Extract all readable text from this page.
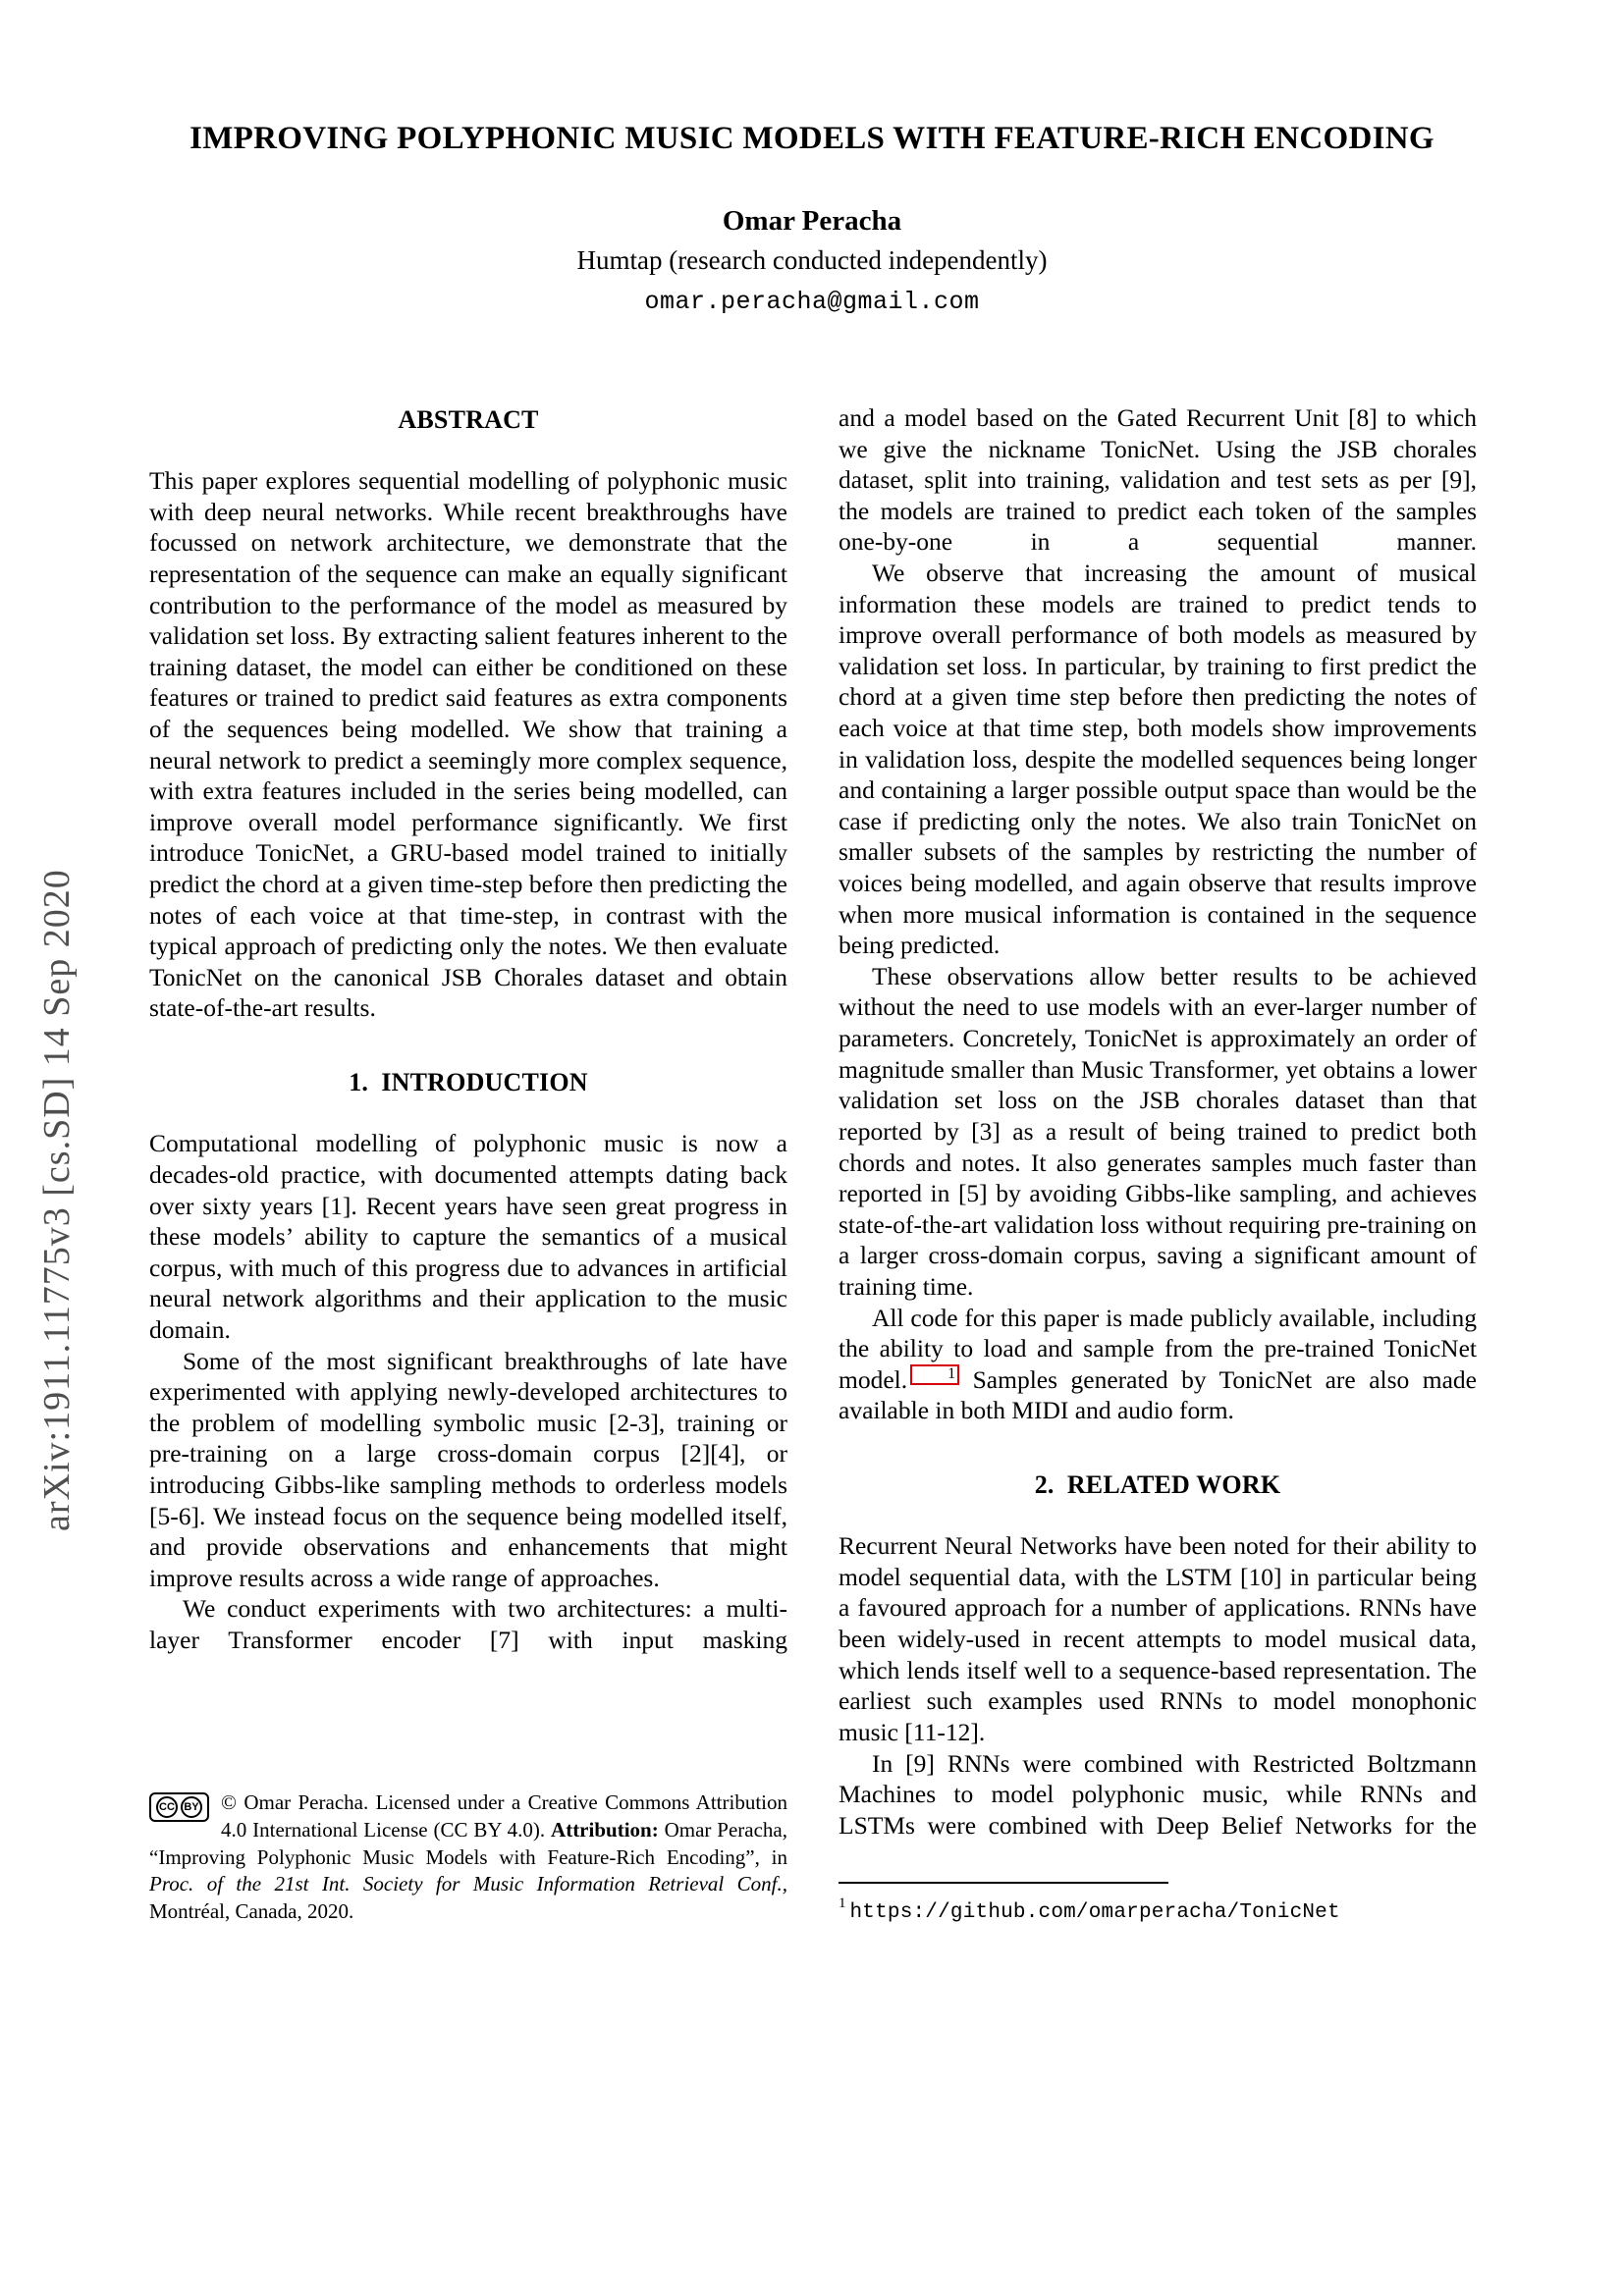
arXiv:1911.11775v3 [cs.SD] 14 Sep 2020
IMPROVING POLYPHONIC MUSIC MODELS WITH FEATURE-RICH ENCODING
Omar Peracha
Humtap (research conducted independently)
omar.peracha@gmail.com
ABSTRACT

This paper explores sequential modelling of polyphonic music with deep neural networks. While recent breakthroughs have focussed on network architecture, we demonstrate that the representation of the sequence can make an equally significant contribution to the performance of the model as measured by validation set loss. By extracting salient features inherent to the training dataset, the model can either be conditioned on these features or trained to predict said features as extra components of the sequences being modelled. We show that training a neural network to predict a seemingly more complex sequence, with extra features included in the series being modelled, can improve overall model performance significantly. We first introduce TonicNet, a GRU-based model trained to initially predict the chord at a given time-step before then predicting the notes of each voice at that time-step, in contrast with the typical approach of predicting only the notes. We then evaluate TonicNet on the canonical JSB Chorales dataset and obtain state-of-the-art results.

1. INTRODUCTION

Computational modelling of polyphonic music is now a decades-old practice, with documented attempts dating back over sixty years [1]. Recent years have seen great progress in these models’ ability to capture the semantics of a musical corpus, with much of this progress due to advances in artificial neural network algorithms and their application to the music domain.

Some of the most significant breakthroughs of late have experimented with applying newly-developed architectures to the problem of modelling symbolic music [2-3], training or pre-training on a large cross-domain corpus [2][4], or introducing Gibbs-like sampling methods to orderless models [5-6]. We instead focus on the sequence being modelled itself, and provide observations and enhancements that might improve results across a wide range of approaches.

We conduct experiments with two architectures: a multi-layer Transformer encoder [7] with input masking

CC BY © Omar Peracha. Licensed under a Creative Commons Attribution 4.0 International License (CC BY 4.0). Attribution: Omar Peracha, “Improving Polyphonic Music Models with Feature-Rich Encoding”, in Proc. of the 21st Int. Society for Music Information Retrieval Conf., Montréal, Canada, 2020.

and a model based on the Gated Recurrent Unit [8] to which we give the nickname TonicNet. Using the JSB chorales dataset, split into training, validation and test sets as per [9], the models are trained to predict each token of the samples one-by-one in a sequential manner.

We observe that increasing the amount of musical information these models are trained to predict tends to improve overall performance of both models as measured by validation set loss. In particular, by training to first predict the chord at a given time step before then predicting the notes of each voice at that time step, both models show improvements in validation loss, despite the modelled sequences being longer and containing a larger possible output space than would be the case if predicting only the notes. We also train TonicNet on smaller subsets of the samples by restricting the number of voices being modelled, and again observe that results improve when more musical information is contained in the sequence being predicted.

These observations allow better results to be achieved without the need to use models with an ever-larger number of parameters. Concretely, TonicNet is approximately an order of magnitude smaller than Music Transformer, yet obtains a lower validation set loss on the JSB chorales dataset than that reported by [3] as a result of being trained to predict both chords and notes. It also generates samples much faster than reported in [5] by avoiding Gibbs-like sampling, and achieves state-of-the-art validation loss without requiring pre-training on a larger cross-domain corpus, saving a significant amount of training time.

All code for this paper is made publicly available, including the ability to load and sample from the pre-trained TonicNet model.	$^1$ Samples generated by TonicNet are also made available in both MIDI and audio form.

2. RELATED WORK

Recurrent Neural Networks have been noted for their ability to model sequential data, with the LSTM [10] in particular being a favoured approach for a number of applications. RNNs have been widely-used in recent attempts to model musical data, which lends itself well to a sequence-based representation. The earliest such examples used RNNs to model monophonic music [11-12].

In [9] RNNs were combined with Restricted Boltzmann Machines to model polyphonic music, while RNNs and LSTMs were combined with Deep Belief Networks for the

$^1$ https://github.com/omarperacha/TonicNet
